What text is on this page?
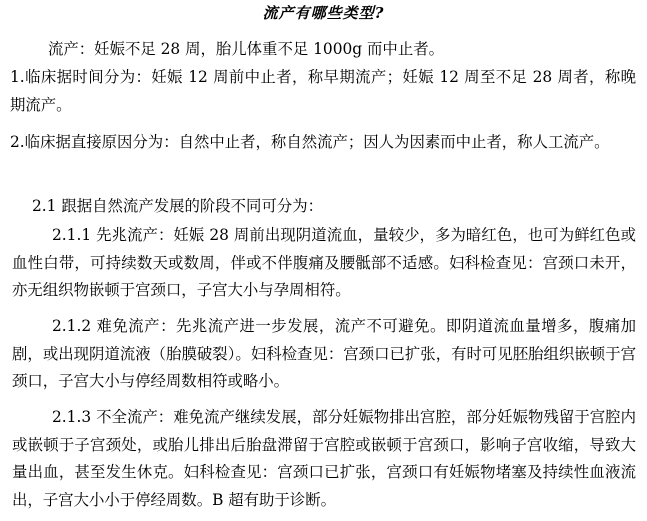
流产有哪些类型?

流产：妊娠不足 28 周，胎儿体重不足 1000g 而中止者。

1.临床据时间分为：妊娠 12 周前中止者，称早期流产；妊娠 12 周至不足 28 周者，称晚期流产。

2.临床据直接原因分为：自然中止者，称自然流产；因人为因素而中止者，称人工流产。

2.1 跟据自然流产发展的阶段不同可分为：

2.1.1 先兆流产：妊娠 28 周前出现阴道流血，量较少，多为暗红色，也可为鲜红色或血性白带，可持续数天或数周，伴或不伴腹痛及腰骶部不适感。妇科检查见：宫颈口未开，亦无组织物嵌顿于宫颈口，子宫大小与孕周相符。

2.1.2 难免流产：先兆流产进一步发展，流产不可避免。即阴道流血量增多，腹痛加剧，或出现阴道流液（胎膜破裂）。妇科检查见：宫颈口已扩张，有时可见胚胎组织嵌顿于宫颈口，子宫大小与停经周数相符或略小。

2.1.3 不全流产：难免流产继续发展，部分妊娠物排出宫腔，部分妊娠物残留于宫腔内或嵌顿于子宫颈处，或胎儿排出后胎盘滞留于宫腔或嵌顿于宫颈口，影响子宫收缩，导致大量出血，甚至发生休克。妇科检查见：宫颈口已扩张，宫颈口有妊娠物堵塞及持续性血液流出，子宫大小小于停经周数。B 超有助于诊断。
